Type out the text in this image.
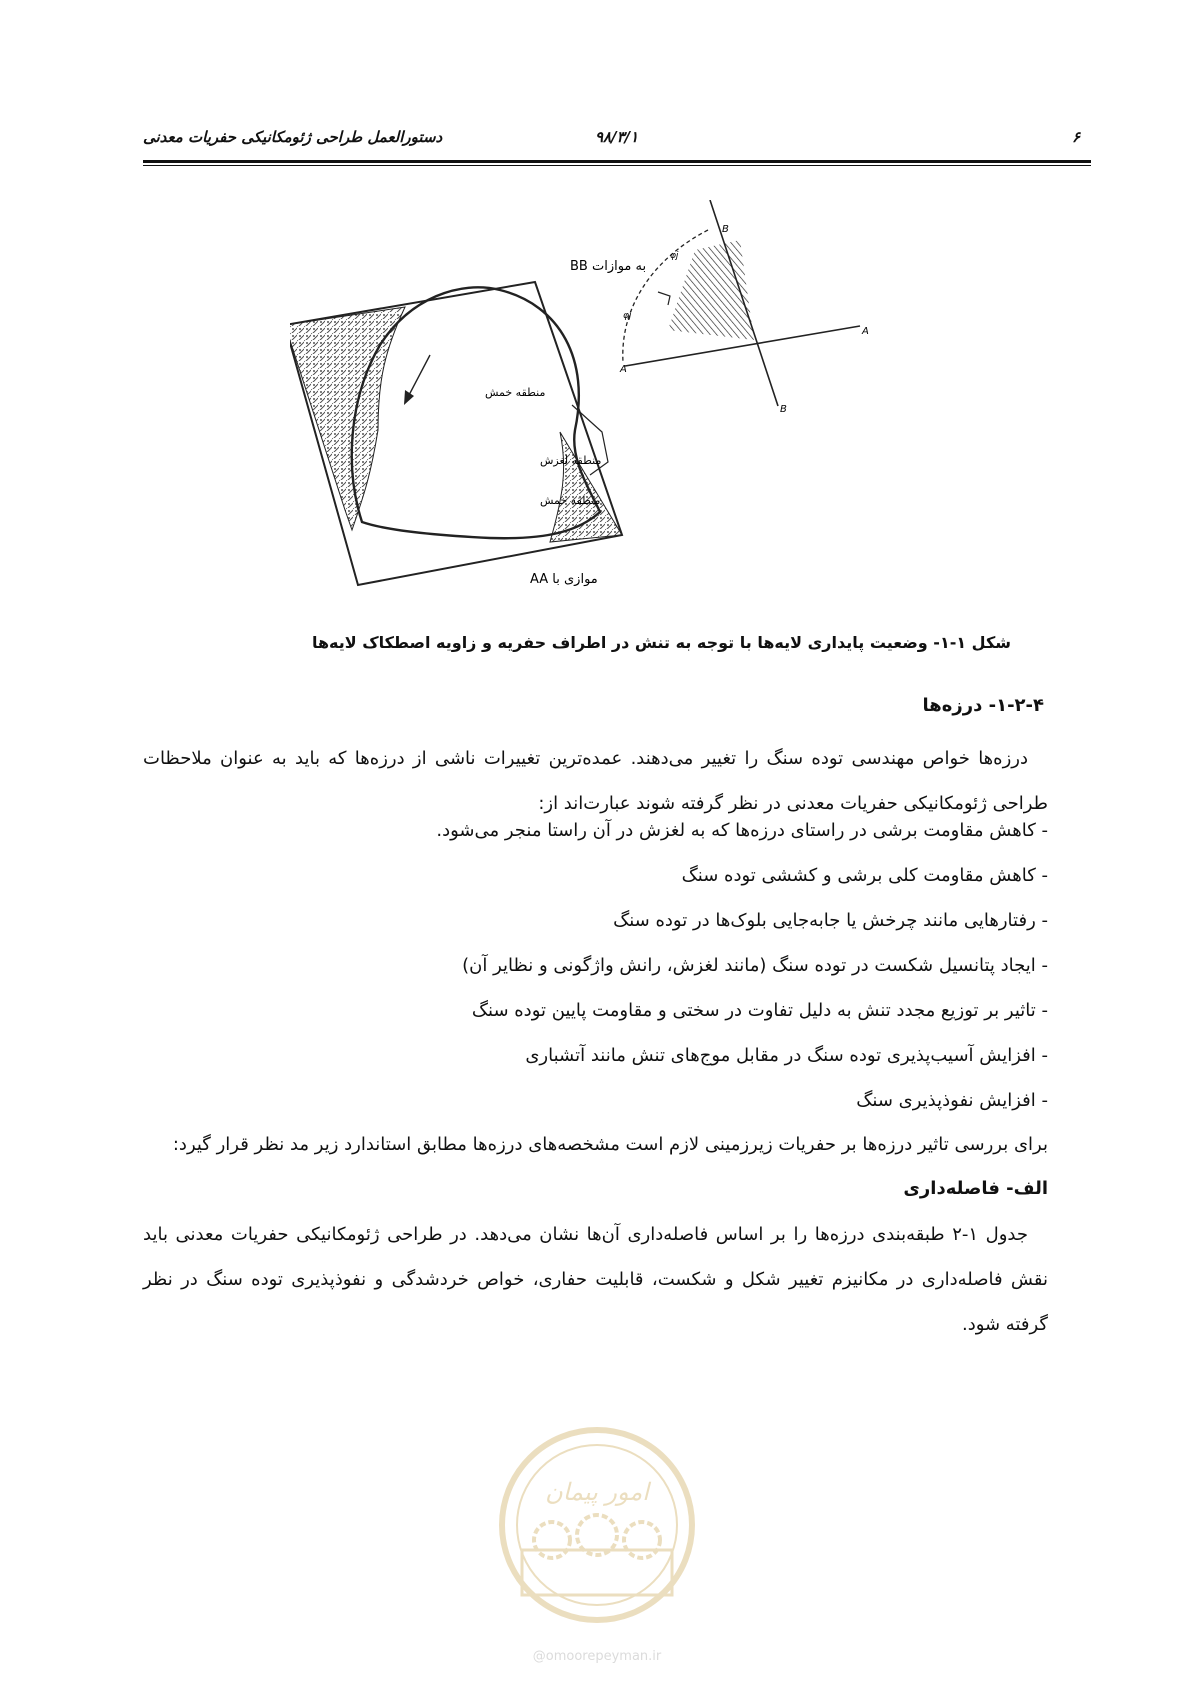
دستورالعمل طراحی ژئومکانیکی حفریات معدنی	۹۸/۳/۱	۶
به موازات BB
منطقه خمش
منطقه لغزش
منطقه خمش
موازی با AA
A
A
B
B
φj
φj
شکل ۱-۱- وضعیت پایداری لایه‌ها با توجه به تنش در اطراف حفریه و زاویه اصطکاک لایه‌ها
۱-۲-۴- درزه‌ها
درزه‌ها خواص مهندسی توده سنگ را تغییر می‌دهند. عمده‌ترین تغییرات ناشی از درزه‌ها که باید به عنوان ملاحظات طراحی ژئومکانیکی حفریات معدنی در نظر گرفته شوند عبارت‌اند از:
- کاهش مقاومت برشی در راستای درزه‌ها که به لغزش در آن راستا منجر می‌شود.
- کاهش مقاومت کلی برشی و کششی توده سنگ
- رفتارهایی مانند چرخش یا جابه‌جایی بلوک‌ها در توده سنگ
- ایجاد پتانسیل شکست در توده سنگ (مانند لغزش، رانش واژگونی و نظایر آن)
- تاثیر بر توزیع مجدد تنش به دلیل تفاوت در سختی و مقاومت پایین توده سنگ
- افزایش آسیب‌پذیری توده سنگ در مقابل موج‌های تنش مانند آتشباری
- افزایش نفوذپذیری سنگ
برای بررسی تاثیر درزه‌ها بر حفریات زیرزمینی لازم است مشخصه‌های درزه‌ها مطابق استاندارد زیر مد نظر قرار گیرد:
الف- فاصله‌داری
جدول ۱-۲ طبقه‌بندی درزه‌ها را بر اساس فاصله‌داری آن‌ها نشان می‌دهد. در طراحی ژئومکانیکی حفریات معدنی باید نقش فاصله‌داری در مکانیزم تغییر شکل و شکست، قابلیت حفاری، خواص خردشدگی و نفوذپذیری توده سنگ در نظر گرفته شود.
امور پیمان
@omoorepeyman.ir
